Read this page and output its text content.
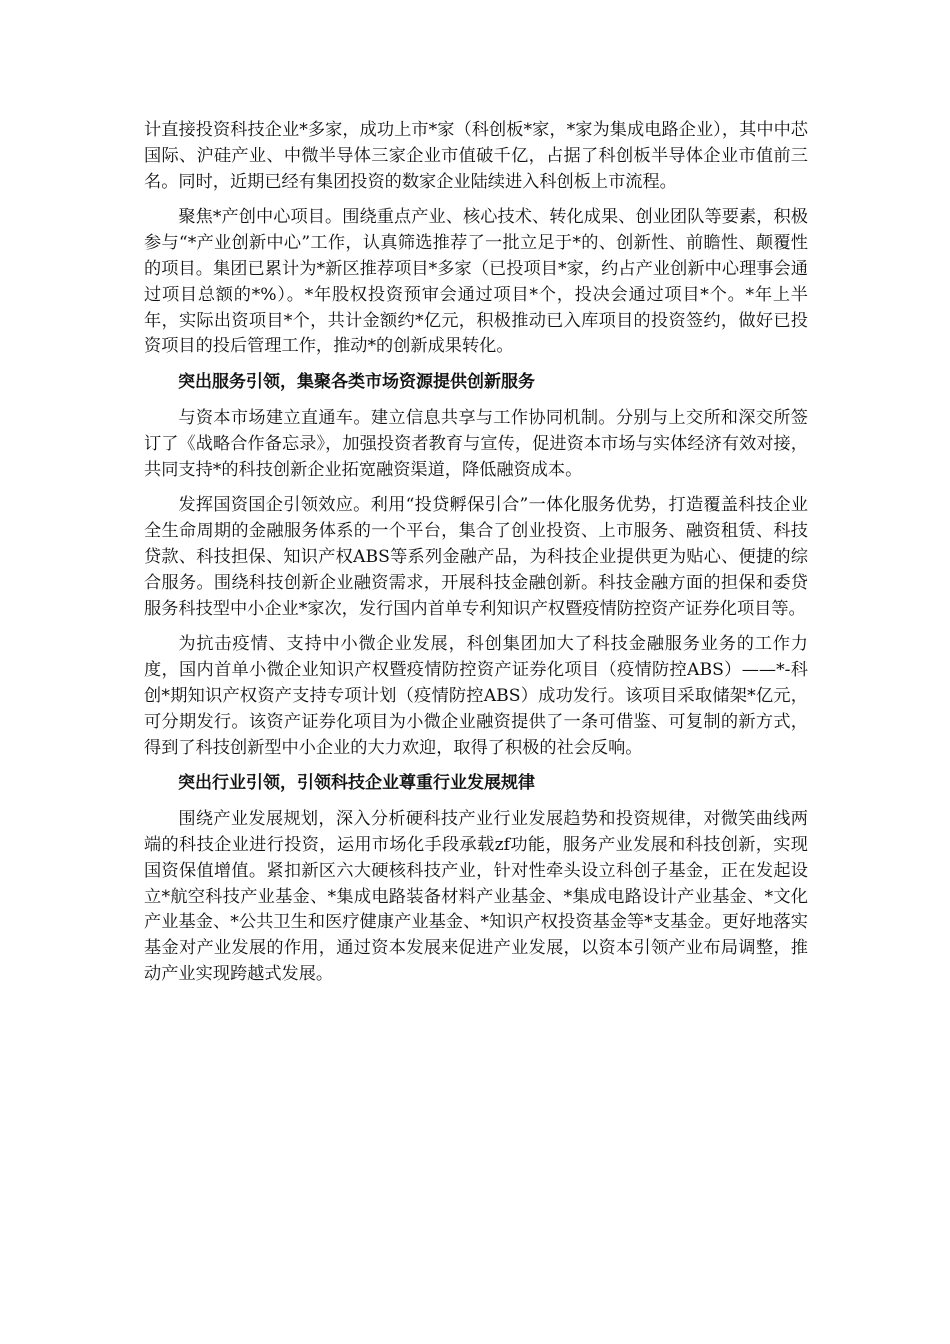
计直接投资科技企业*多家，成功上市*家（科创板*家，*家为集成电路企业），其中中芯国际、沪硅产业、中微半导体三家企业市值破千亿，占据了科创板半导体企业市值前三名。同时，近期已经有集团投资的数家企业陆续进入科创板上市流程。

聚焦*产创中心项目。围绕重点产业、核心技术、转化成果、创业团队等要素，积极参与“*产业创新中心”工作，认真筛选推荐了一批立足于*的、创新性、前瞻性、颠覆性的项目。集团已累计为*新区推荐项目*多家（已投项目*家，约占产业创新中心理事会通过项目总额的*%）。*年股权投资预审会通过项目*个，投决会通过项目*个。*年上半年，实际出资项目*个，共计金额约*亿元，积极推动已入库项目的投资签约，做好已投资项目的投后管理工作，推动*的创新成果转化。

突出服务引领，集聚各类市场资源提供创新服务

与资本市场建立直通车。建立信息共享与工作协同机制。分别与上交所和深交所签订了《战略合作备忘录》，加强投资者教育与宣传，促进资本市场与实体经济有效对接，共同支持*的科技创新企业拓宽融资渠道，降低融资成本。

发挥国资国企引领效应。利用“投贷孵保引合”一体化服务优势，打造覆盖科技企业全生命周期的金融服务体系的一个平台，集合了创业投资、上市服务、融资租赁、科技贷款、科技担保、知识产权ABS等系列金融产品，为科技企业提供更为贴心、便捷的综合服务。围绕科技创新企业融资需求，开展科技金融创新。科技金融方面的担保和委贷服务科技型中小企业*家次，发行国内首单专利知识产权暨疫情防控资产证券化项目等。

为抗击疫情、支持中小微企业发展，科创集团加大了科技金融服务业务的工作力度，国内首单小微企业知识产权暨疫情防控资产证券化项目（疫情防控ABS）——*-科创*期知识产权资产支持专项计划（疫情防控ABS）成功发行。该项目采取储架*亿元，可分期发行。该资产证券化项目为小微企业融资提供了一条可借鉴、可复制的新方式，得到了科技创新型中小企业的大力欢迎，取得了积极的社会反响。

突出行业引领，引领科技企业尊重行业发展规律

围绕产业发展规划，深入分析硬科技产业行业发展趋势和投资规律，对微笑曲线两端的科技企业进行投资，运用市场化手段承载zf功能，服务产业发展和科技创新，实现国资保值增值。紧扣新区六大硬核科技产业，针对性牵头设立科创子基金，正在发起设立*航空科技产业基金、*集成电路装备材料产业基金、*集成电路设计产业基金、*文化产业基金、*公共卫生和医疗健康产业基金、*知识产权投资基金等*支基金。更好地落实基金对产业发展的作用，通过资本发展来促进产业发展，以资本引领产业布局调整，推动产业实现跨越式发展。
